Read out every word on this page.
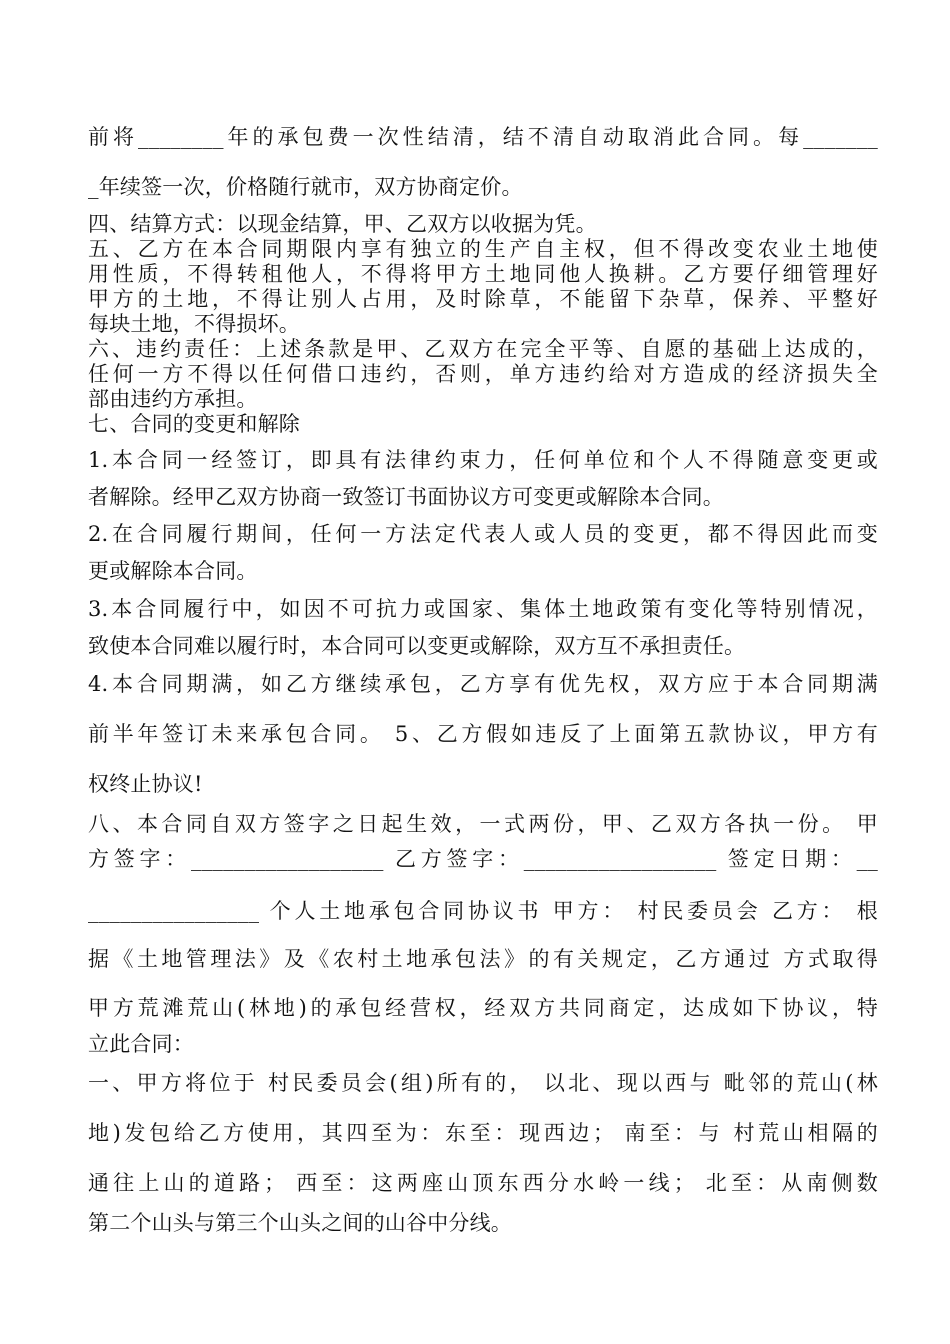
前将________年的承包费一次性结清，结不清自动取消此合同。每_______
_年续签一次，价格随行就市，双方协商定价。
四、结算方式：以现金结算，甲、乙双方以收据为凭。
五、乙方在本合同期限内享有独立的生产自主权，但不得改变农业土地使
用性质，不得转租他人，不得将甲方土地同他人换耕。乙方要仔细管理好
甲方的土地，不得让别人占用，及时除草，不能留下杂草，保养、平整好
每块土地，不得损坏。
六、违约责任：上述条款是甲、乙双方在完全平等、自愿的基础上达成的，
任何一方不得以任何借口违约，否则，单方违约给对方造成的经济损失全
部由违约方承担。
七、合同的变更和解除
1.本合同一经签订，即具有法律约束力，任何单位和个人不得随意变更或
者解除。经甲乙双方协商一致签订书面协议方可变更或解除本合同。
2.在合同履行期间，任何一方法定代表人或人员的变更，都不得因此而变
更或解除本合同。
3.本合同履行中，如因不可抗力或国家、集体土地政策有变化等特别情况，
致使本合同难以履行时，本合同可以变更或解除，双方互不承担责任。
4.本合同期满，如乙方继续承包，乙方享有优先权，双方应于本合同期满
前半年签订未来承包合同。 5、乙方假如违反了上面第五款协议，甲方有
权终止协议!
八、本合同自双方签字之日起生效，一式两份，甲、乙双方各执一份。 甲
方签字：__________________ 乙方签字：__________________ 签定日期：__
________________ 个人土地承包合同协议书 甲方： 村民委员会 乙方： 根
据《土地管理法》及《农村土地承包法》的有关规定，乙方通过 方式取得
甲方荒滩荒山(林地)的承包经营权，经双方共同商定，达成如下协议，特
立此合同：
一、甲方将位于 村民委员会(组)所有的， 以北、现以西与 毗邻的荒山(林
地)发包给乙方使用，其四至为：东至：现西边； 南至：与 村荒山相隔的
通往上山的道路； 西至：这两座山顶东西分水岭一线； 北至：从南侧数
第二个山头与第三个山头之间的山谷中分线。
